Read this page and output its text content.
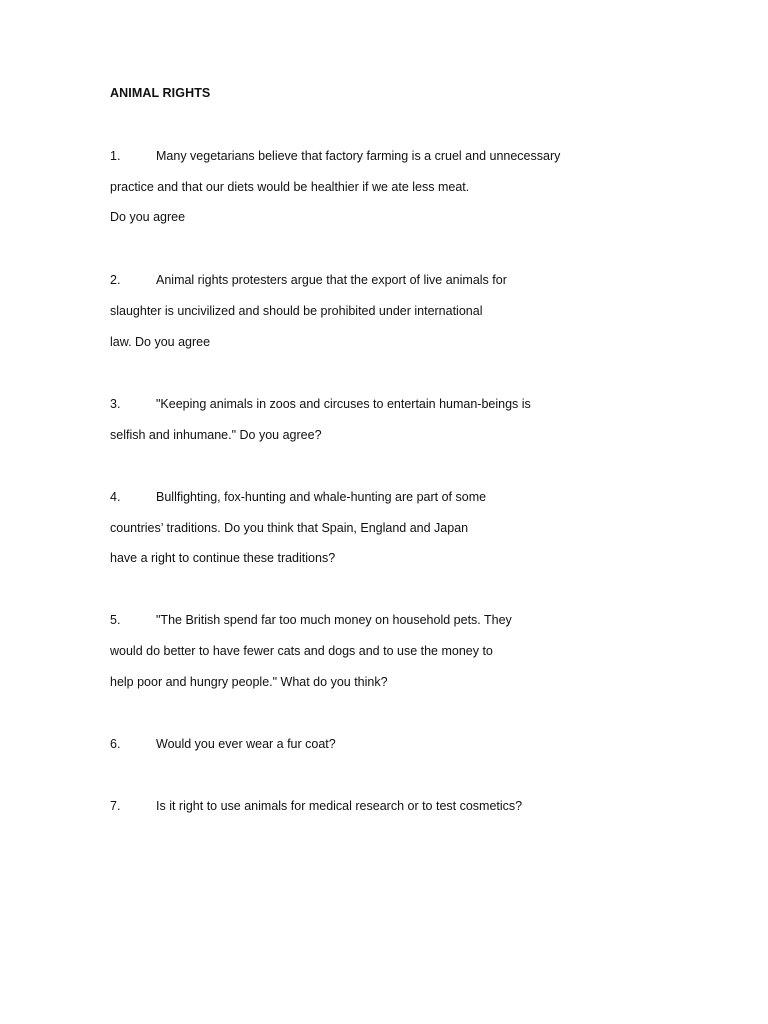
ANIMAL RIGHTS
1.	Many vegetarians believe that factory farming is a cruel and unnecessary
practice and that our diets would be healthier if we ate less meat.
Do you agree
2.	Animal rights protesters argue that the export of live animals for
slaughter is uncivilized and should be prohibited under international
law. Do you agree
3.	"Keeping animals in zoos and circuses to entertain human-beings is
selfish and inhumane." Do you agree?
4.	Bullfighting, fox-hunting and whale-hunting are part of some
countries’ traditions. Do you think that Spain, England and Japan
have a right to continue these traditions?
5.	"The British spend far too much money on household pets. They
would do better to have fewer cats and dogs and to use the money to
help poor and hungry people." What do you think?
6.	Would you ever wear a fur coat?
7.	Is it right to use animals for medical research or to test cosmetics?
